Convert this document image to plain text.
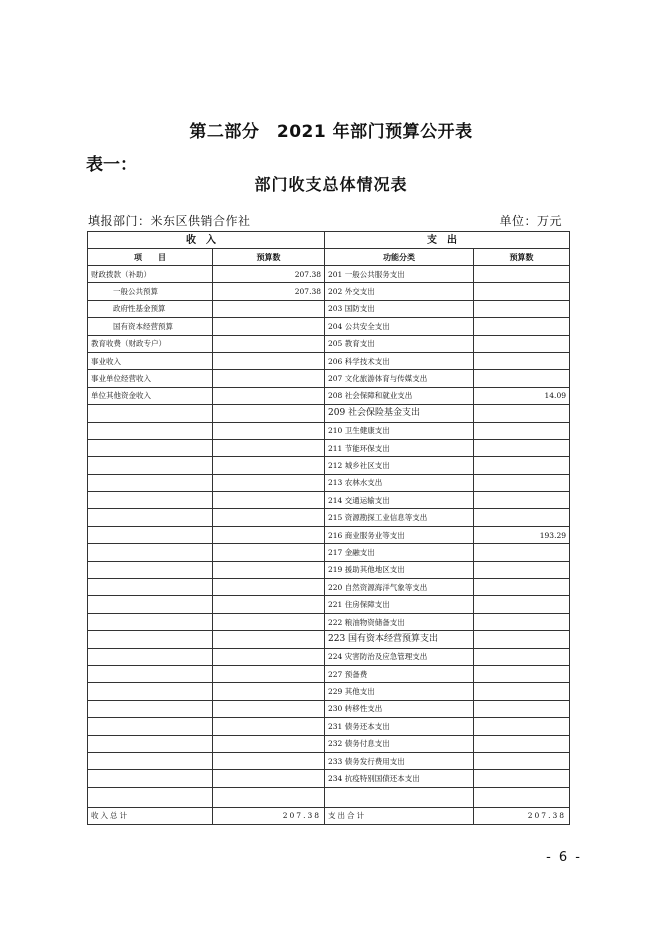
第二部分　2021 年部门预算公开表
表一：
部门收支总体情况表
填报部门：米东区供销合作社	单位：万元
收入		支出	
项　　目	预算数	功能分类	预算数
财政拨款（补助）	207.38	201 一般公共服务支出	
一般公共预算	207.38	202 外交支出	
政府性基金预算		203 国防支出	
国有资本经营预算		204 公共安全支出	
教育收费（财政专户）		205 教育支出	
事业收入		206 科学技术支出	
事业单位经营收入		207 文化旅游体育与传媒支出	
单位其他资金收入		208 社会保障和就业支出	14.09
		209 社会保险基金支出	
		210 卫生健康支出	
		211 节能环保支出	
		212 城乡社区支出	
		213 农林水支出	
		214 交通运输支出	
		215 资源勘探工业信息等支出	
		216 商业服务业等支出	193.29
		217 金融支出	
		219 援助其他地区支出	
		220 自然资源海洋气象等支出	
		221 住房保障支出	
		222 粮油物资储备支出	
		223 国有资本经营预算支出	
		224 灾害防治及应急管理支出	
		227 预备费	
		229 其他支出	
		230 转移性支出	
		231 债务还本支出	
		232 债务付息支出	
		233 债务发行费用支出	
		234 抗疫特别国债还本支出	

收入总计	207.38	支出合计	207.38
- 6 -
